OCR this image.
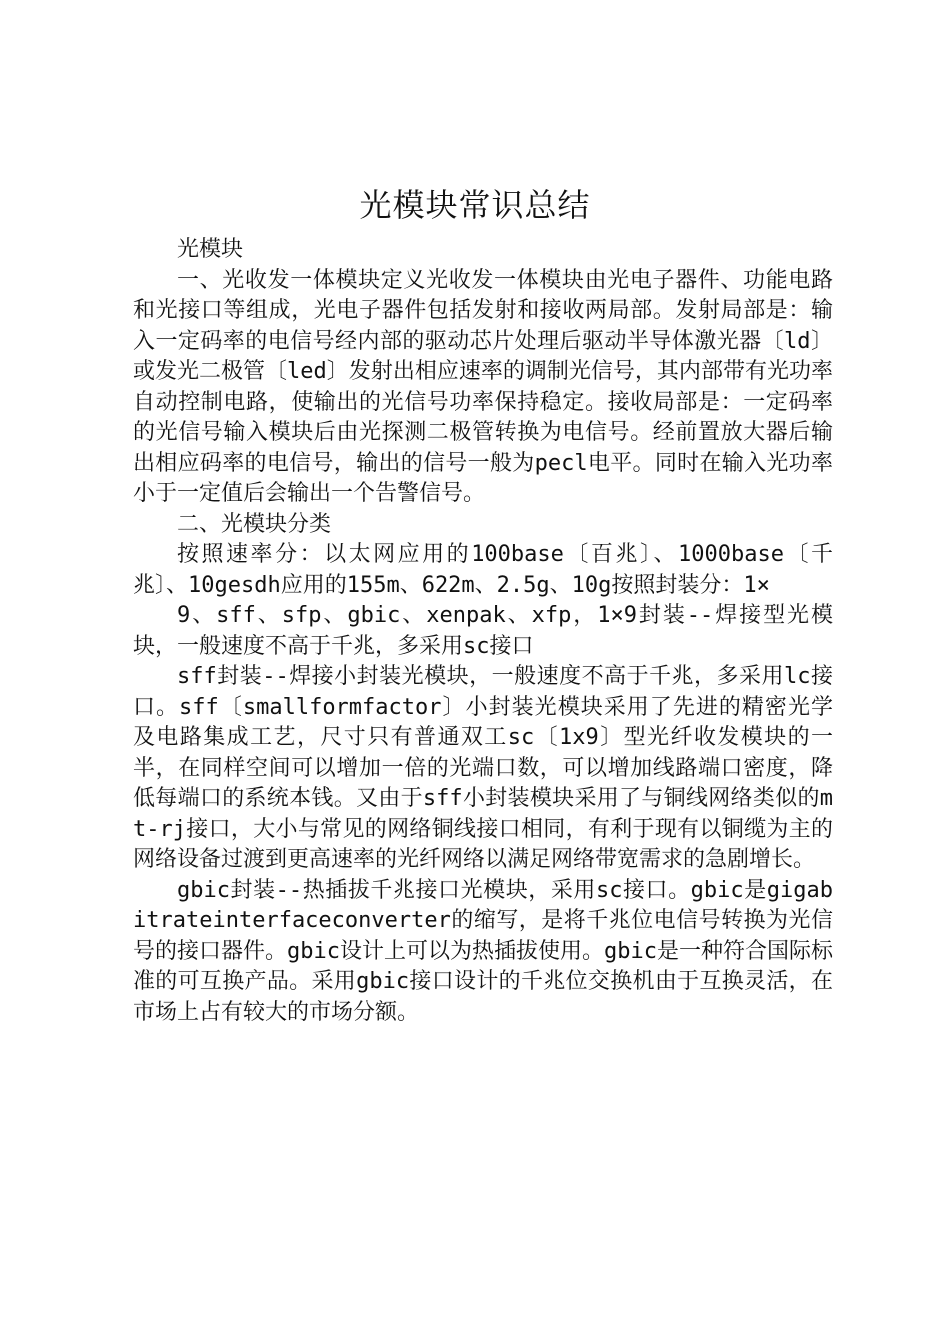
光模块常识总结

光模块

一、光收发一体模块定义光收发一体模块由光电子器件、功能电路和光接口等组成，光电子器件包括发射和接收两局部。发射局部是：输入一定码率的电信号经内部的驱动芯片处理后驱动半导体激光器〔ld〕或发光二极管〔led〕发射出相应速率的调制光信号，其内部带有光功率自动控制电路，使输出的光信号功率保持稳定。接收局部是：一定码率的光信号输入模块后由光探测二极管转换为电信号。经前置放大器后输出相应码率的电信号，输出的信号一般为pecl电平。同时在输入光功率小于一定值后会输出一个告警信号。

二、光模块分类

按照速率分：以太网应用的100base〔百兆〕、1000base〔千兆〕、10gesdh应用的155m、622m、2.5g、10g按照封装分：1×

9、sff、sfp、gbic、xenpak、xfp，1×9封装--焊接型光模块，一般速度不高于千兆，多采用sc接口

sff封装--焊接小封装光模块，一般速度不高于千兆，多采用lc接口。sff〔smallformfactor〕小封装光模块采用了先进的精密光学及电路集成工艺，尺寸只有普通双工sc〔1x9〕型光纤收发模块的一半，在同样空间可以增加一倍的光端口数，可以增加线路端口密度，降低每端口的系统本钱。又由于sff小封装模块采用了与铜线网络类似的mt-rj接口，大小与常见的网络铜线接口相同，有利于现有以铜缆为主的网络设备过渡到更高速率的光纤网络以满足网络带宽需求的急剧增长。

gbic封装--热插拔千兆接口光模块，采用sc接口。gbic是gigabitrateinterfaceconverter的缩写，是将千兆位电信号转换为光信号的接口器件。gbic设计上可以为热插拔使用。gbic是一种符合国际标准的可互换产品。采用gbic接口设计的千兆位交换机由于互换灵活，在市场上占有较大的市场分额。
